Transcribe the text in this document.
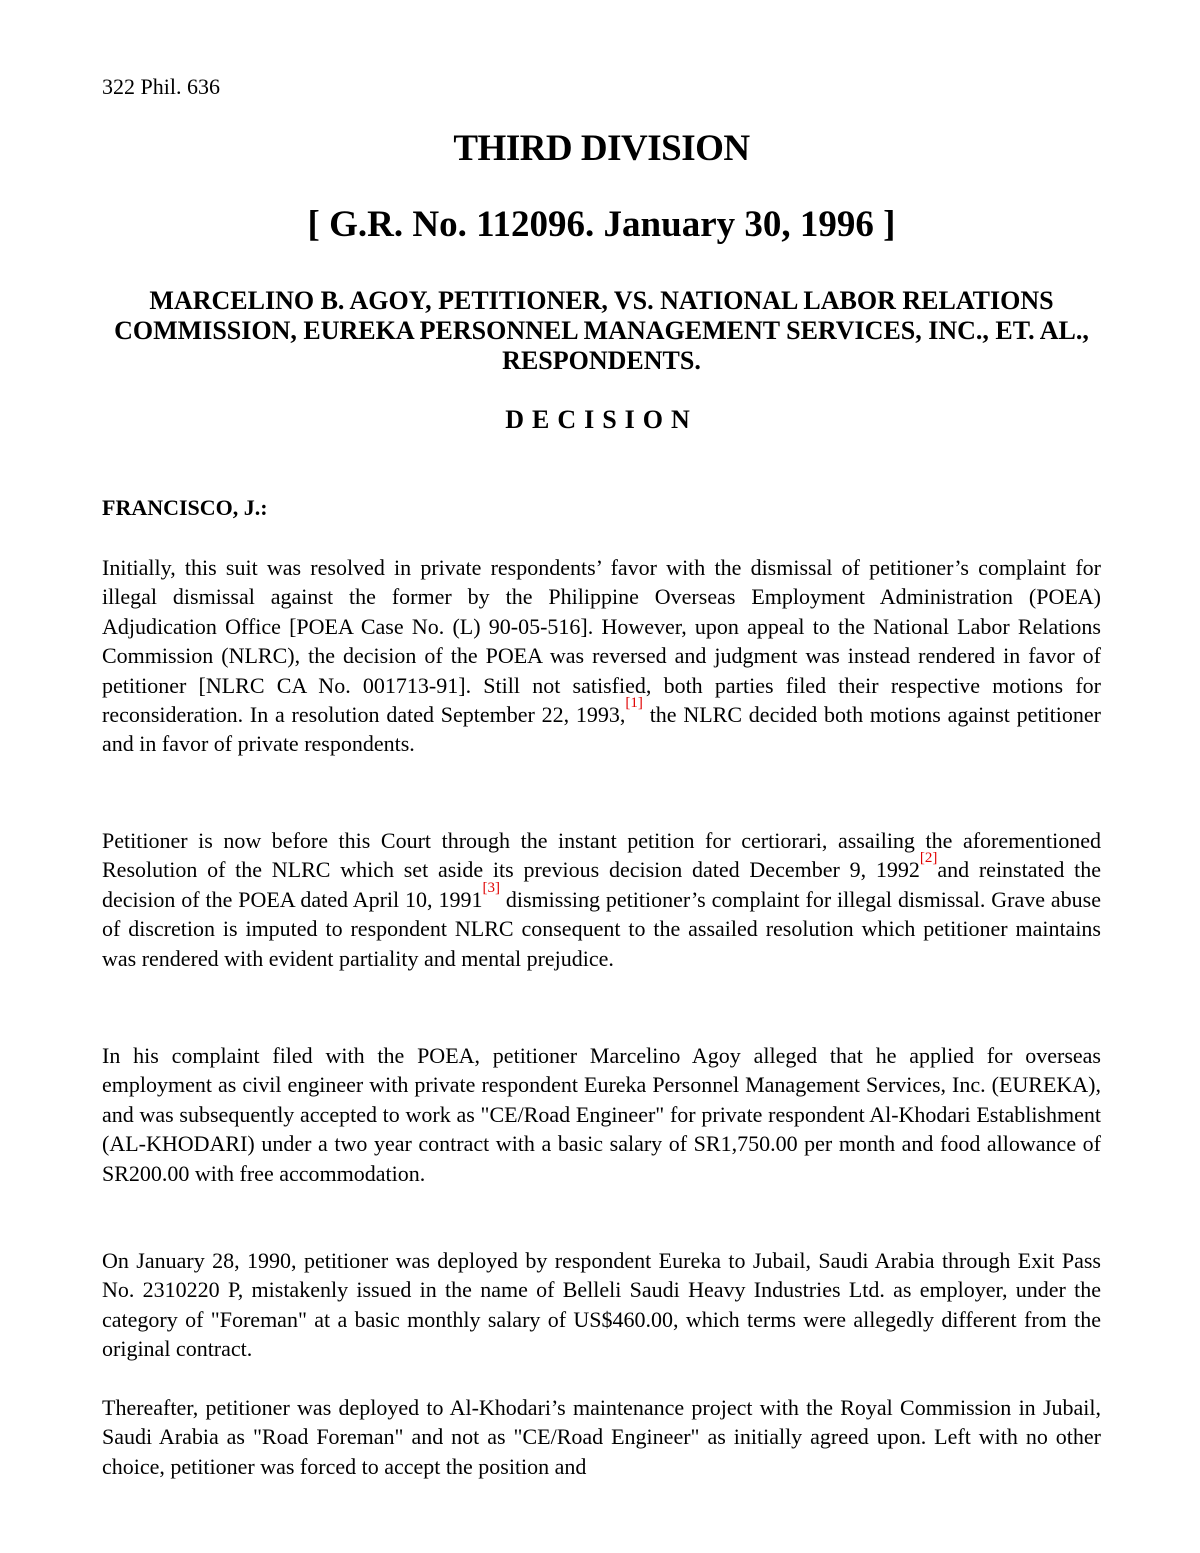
322 Phil. 636
THIRD DIVISION
[ G.R. No. 112096. January 30, 1996 ]
MARCELINO B. AGOY, PETITIONER, VS. NATIONAL LABOR RELATIONS COMMISSION, EUREKA PERSONNEL MANAGEMENT SERVICES, INC., ET. AL., RESPONDENTS.
DECISION
FRANCISCO, J.:

Initially, this suit was resolved in private respondents’ favor with the dismissal of petitioner’s complaint for illegal dismissal against the former by the Philippine Overseas Employment Administration (POEA) Adjudication Office [POEA Case No. (L) 90-05-516]. However, upon appeal to the National Labor Relations Commission (NLRC), the decision of the POEA was reversed and judgment was instead rendered in favor of petitioner [NLRC CA No. 001713-91]. Still not satisfied, both parties filed their respective motions for reconsideration. In a resolution dated September 22, 1993,[1] the NLRC decided both motions against petitioner and in favor of private respondents.

Petitioner is now before this Court through the instant petition for certiorari, assailing the aforementioned Resolution of the NLRC which set aside its previous decision dated December 9, 1992[2]and reinstated the decision of the POEA dated April 10, 1991[3] dismissing petitioner’s complaint for illegal dismissal. Grave abuse of discretion is imputed to respondent NLRC consequent to the assailed resolution which petitioner maintains was rendered with evident partiality and mental prejudice.

In his complaint filed with the POEA, petitioner Marcelino Agoy alleged that he applied for overseas employment as civil engineer with private respondent Eureka Personnel Management Services, Inc. (EUREKA), and was subsequently accepted to work as "CE/Road Engineer" for private respondent Al-Khodari Establishment (AL-KHODARI) under a two year contract with a basic salary of SR1,750.00 per month and food allowance of SR200.00 with free accommodation.

On January 28, 1990, petitioner was deployed by respondent Eureka to Jubail, Saudi Arabia through Exit Pass No. 2310220 P, mistakenly issued in the name of Belleli Saudi Heavy Industries Ltd. as employer, under the category of "Foreman" at a basic monthly salary of US$460.00, which terms were allegedly different from the original contract.

Thereafter, petitioner was deployed to Al-Khodari’s maintenance project with the Royal Commission in Jubail, Saudi Arabia as "Road Foreman" and not as "CE/Road Engineer" as initially agreed upon. Left with no other choice, petitioner was forced to accept the position and
